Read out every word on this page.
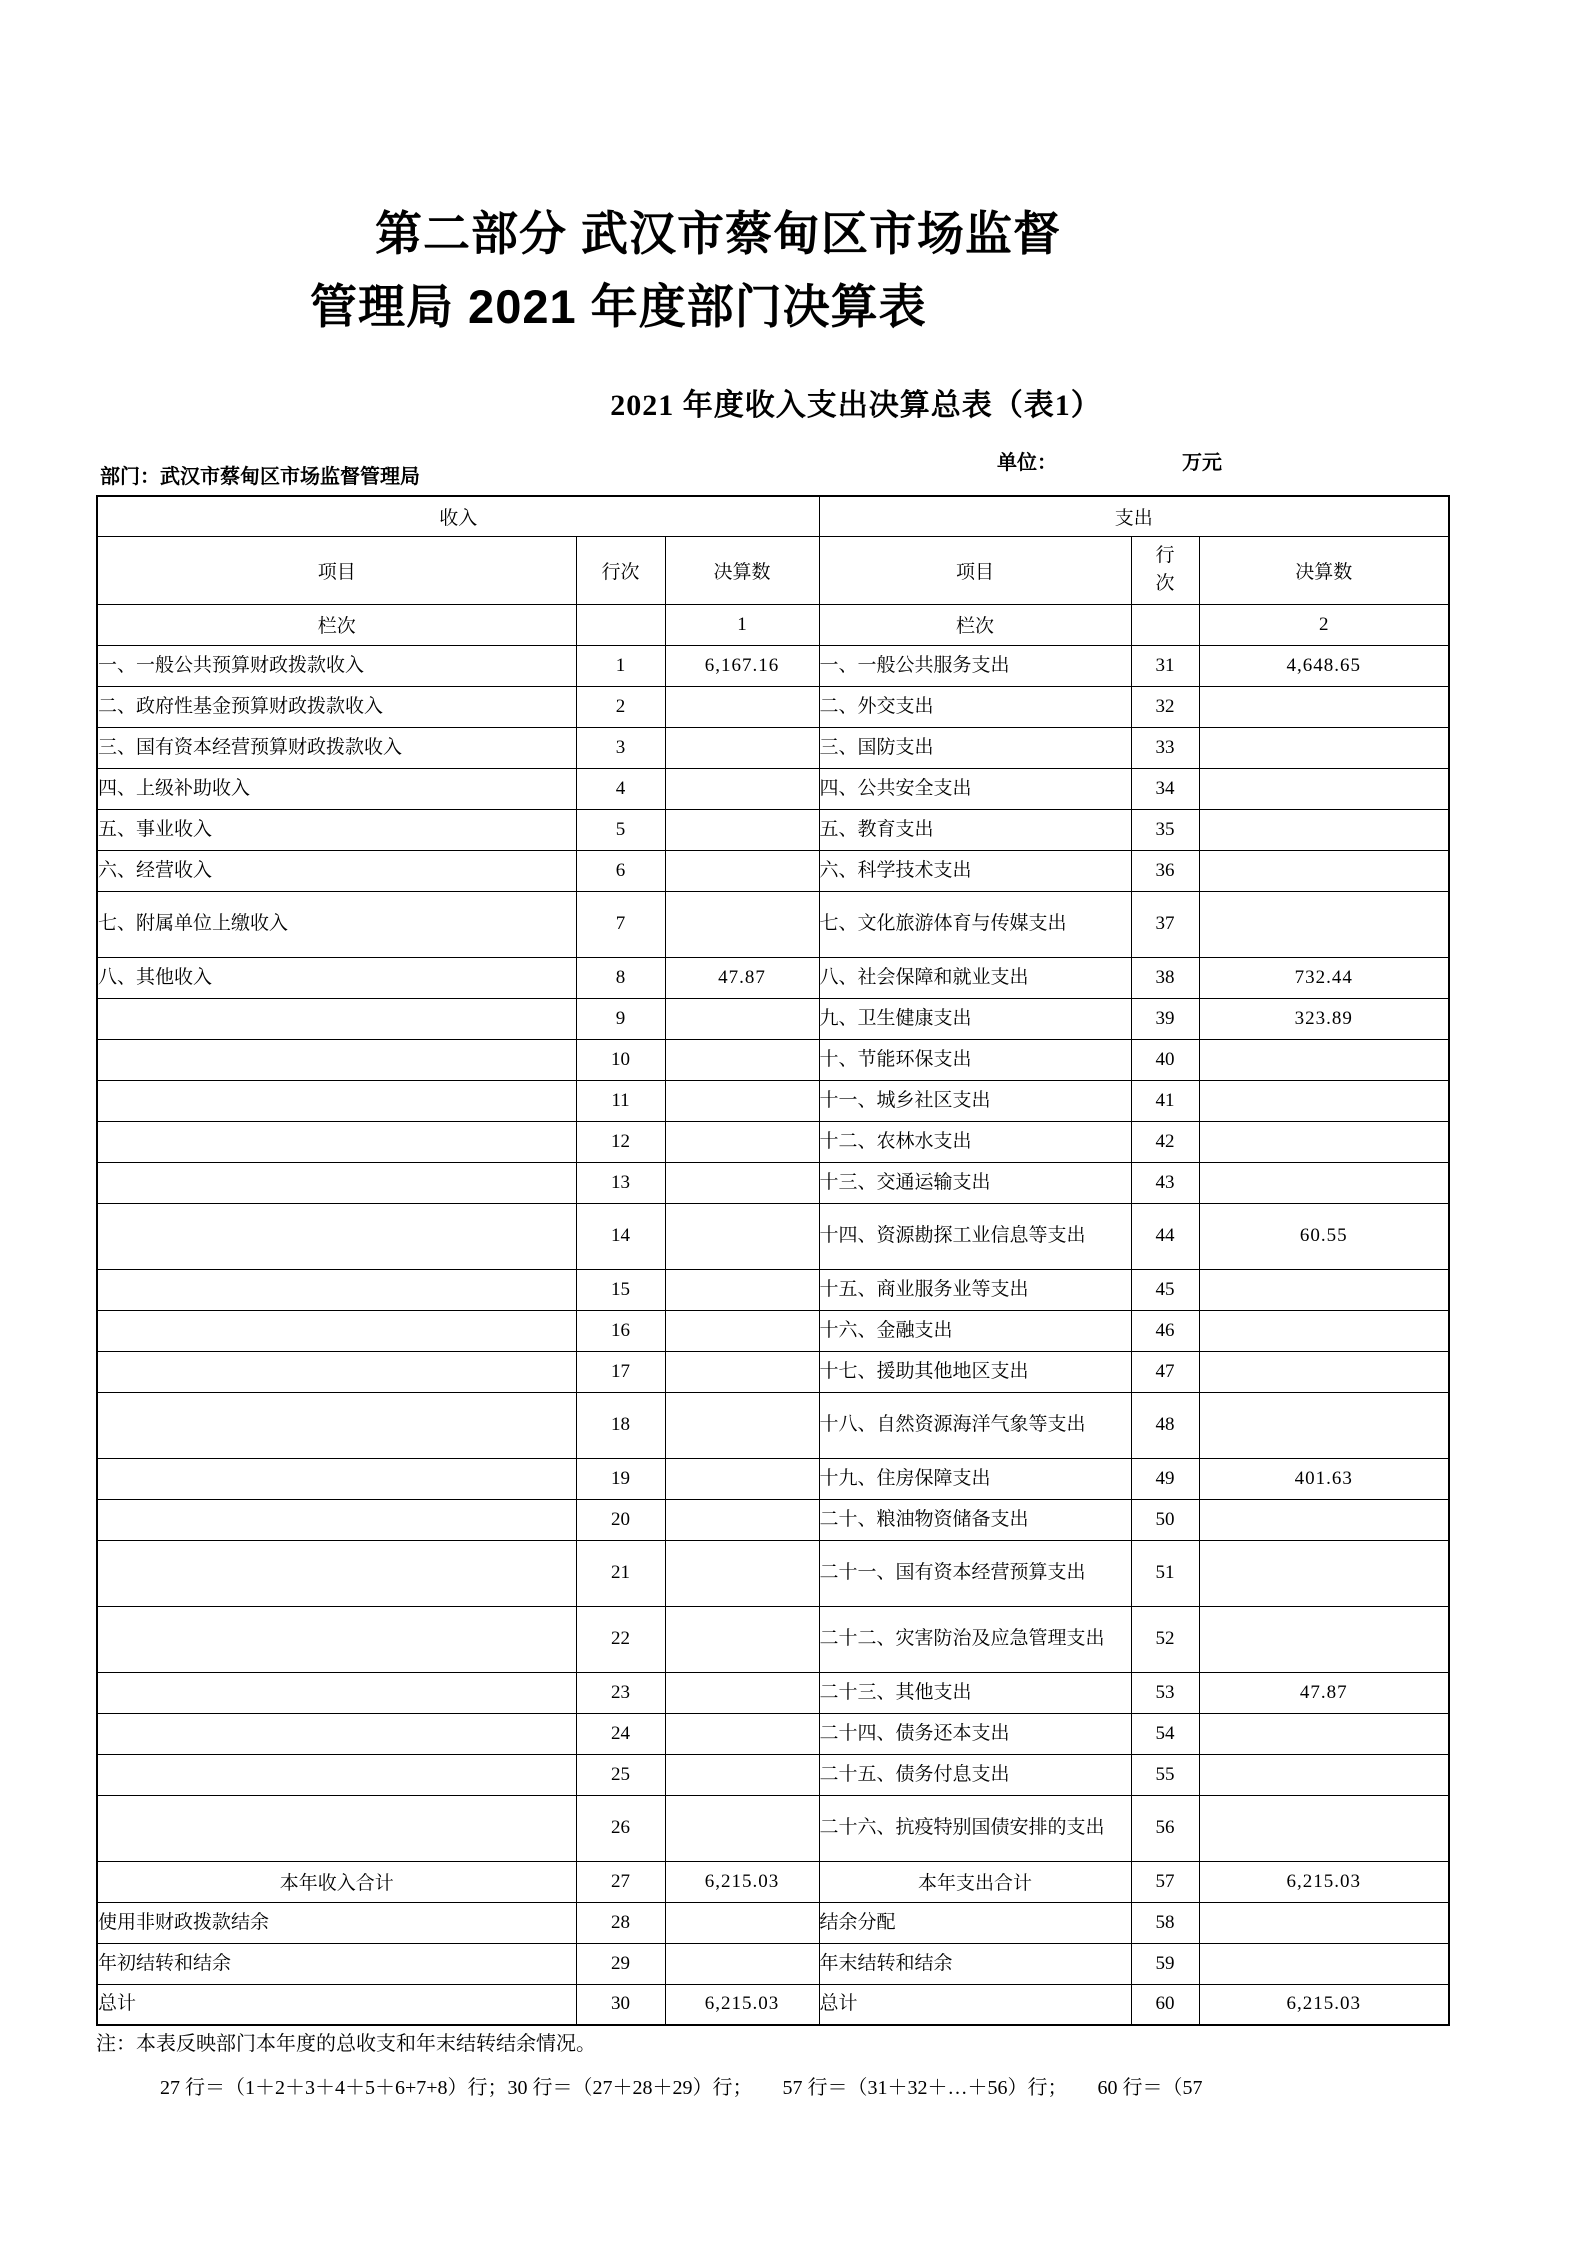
第二部分 武汉市蔡甸区市场监督
管理局 2021 年度部门决算表
2021 年度收入支出决算总表（表1）
部门：武汉市蔡甸区市场监督管理局
单位：	万元
收入			支出		
项目	行次	决算数	项目	行次	决算数
栏次		1	栏次		2
一、一般公共预算财政拨款收入	1	6,167.16	一、一般公共服务支出	31	4,648.65
二、政府性基金预算财政拨款收入	2		二、外交支出	32	
三、国有资本经营预算财政拨款收入	3		三、国防支出	33	
四、上级补助收入	4		四、公共安全支出	34	
五、事业收入	5		五、教育支出	35	
六、经营收入	6		六、科学技术支出	36	
七、附属单位上缴收入	7		七、文化旅游体育与传媒支出	37	
八、其他收入	8	47.87	八、社会保障和就业支出	38	732.44
	9		九、卫生健康支出	39	323.89
	10		十、节能环保支出	40	
	11		十一、城乡社区支出	41	
	12		十二、农林水支出	42	
	13		十三、交通运输支出	43	
	14		十四、资源勘探工业信息等支出	44	60.55
	15		十五、商业服务业等支出	45	
	16		十六、金融支出	46	
	17		十七、援助其他地区支出	47	
	18		十八、自然资源海洋气象等支出	48	
	19		十九、住房保障支出	49	401.63
	20		二十、粮油物资储备支出	50	
	21		二十一、国有资本经营预算支出	51	
	22		二十二、灾害防治及应急管理支出	52	
	23		二十三、其他支出	53	47.87
	24		二十四、债务还本支出	54	
	25		二十五、债务付息支出	55	
	26		二十六、抗疫特别国债安排的支出	56	
本年收入合计	27	6,215.03	本年支出合计	57	6,215.03
使用非财政拨款结余	28		结余分配	58	
年初结转和结余	29		年末结转和结余	59	
总计	30	6,215.03	总计	60	6,215.03
注：本表反映部门本年度的总收支和年末结转结余情况。
27 行＝（1＋2＋3＋4＋5＋6+7+8）行；30 行＝（27＋28＋29）行；　　57 行＝（31＋32＋…＋56）行；　　60 行＝（57
